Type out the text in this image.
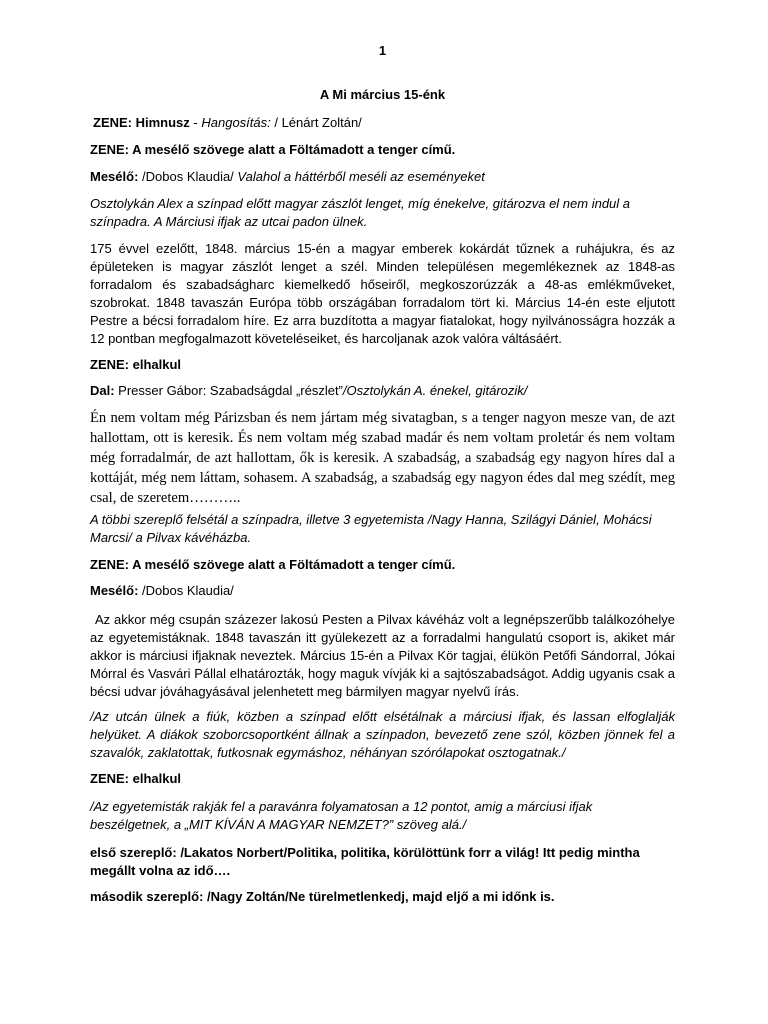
1
A Mi március 15-énk

ZENE: Himnusz - Hangosítás: / Lénárt Zoltán/

ZENE: A mesélő szövege alatt a Föltámadott a tenger című.

Mesélő: /Dobos Klaudia/ Valahol a háttérből meséli az eseményeket

Osztolykán Alex a színpad előtt magyar zászlót lenget, míg énekelve, gitározva el nem indul a színpadra. A Márciusi ifjak az utcai padon ülnek.

175 évvel ezelőtt, 1848. március 15-én a magyar emberek kokárdát tűznek a ruhájukra, és az épületeken is magyar zászlót lenget a szél. Minden településen megemlékeznek az 1848-as forradalom és szabadságharc kiemelkedő hőseiről, megkoszorúzzák a 48-as emlékműveket, szobrokat. 1848 tavaszán Európa több országában forradalom tört ki. Március 14-én este eljutott Pestre a bécsi forradalom híre. Ez arra buzdította a magyar fiatalokat, hogy nyilvánosságra hozzák a 12 pontban megfogalmazott követeléseiket, és harcoljanak azok valóra váltásáért.

ZENE: elhalkul

Dal: Presser Gábor: Szabadságdal „részlet”/Osztolykán A. énekel, gitározik/

Én nem voltam még Párizsban és nem jártam még sivatagban, s a tenger nagyon mesze van, de azt hallottam, ott is keresik. És nem voltam még szabad madár és nem voltam proletár és nem voltam még forradalmár, de azt hallottam, ők is keresik. A szabadság, a szabadság egy nagyon híres dal a kottáját, még nem láttam, sohasem. A szabadság, a szabadság egy nagyon édes dal meg szédít, meg csal, de szeretem………..

A többi szereplő felsétál a színpadra, illetve 3 egyetemista /Nagy Hanna, Szilágyi Dániel, Mohácsi Marcsi/ a Pilvax kávéházba.

ZENE: A mesélő szövege alatt a Föltámadott a tenger című.

Mesélő: /Dobos Klaudia/

Az akkor még csupán százezer lakosú Pesten a Pilvax kávéház volt a legnépszerűbb találkozóhelye az egyetemistáknak. 1848 tavaszán itt gyülekezett az a forradalmi hangulatú csoport is, akiket már akkor is márciusi ifjaknak neveztek. Március 15-én a Pilvax Kör tagjai, élükön Petőfi Sándorral, Jókai Mórral és Vasvári Pállal elhatározták, hogy maguk vívják ki a sajtószabadságot. Addig ugyanis csak a bécsi udvar jóváhagyásával jelenhetett meg bármilyen magyar nyelvű írás.

/Az utcán ülnek a fiúk, közben a színpad előtt elsétálnak a márciusi ifjak, és lassan elfoglalják helyüket. A diákok szoborcsoportként állnak a színpadon, bevezető zene szól, közben jönnek fel a szavalók, zaklatottak, futkosnak egymáshoz, néhányan szórólapokat osztogatnak./

ZENE: elhalkul

/Az egyetemisták rakják fel a paravánra folyamatosan a 12 pontot, amig a márciusi ifjak beszélgetnek, a „MIT KÍVÁN A MAGYAR NEMZET?” szöveg alá./

első szereplő: /Lakatos Norbert/Politika, politika, körülöttünk forr a világ! Itt pedig mintha megállt volna az idő….

második szereplő: /Nagy Zoltán/Ne türelmetlenkedj, majd eljő a mi időnk is.
